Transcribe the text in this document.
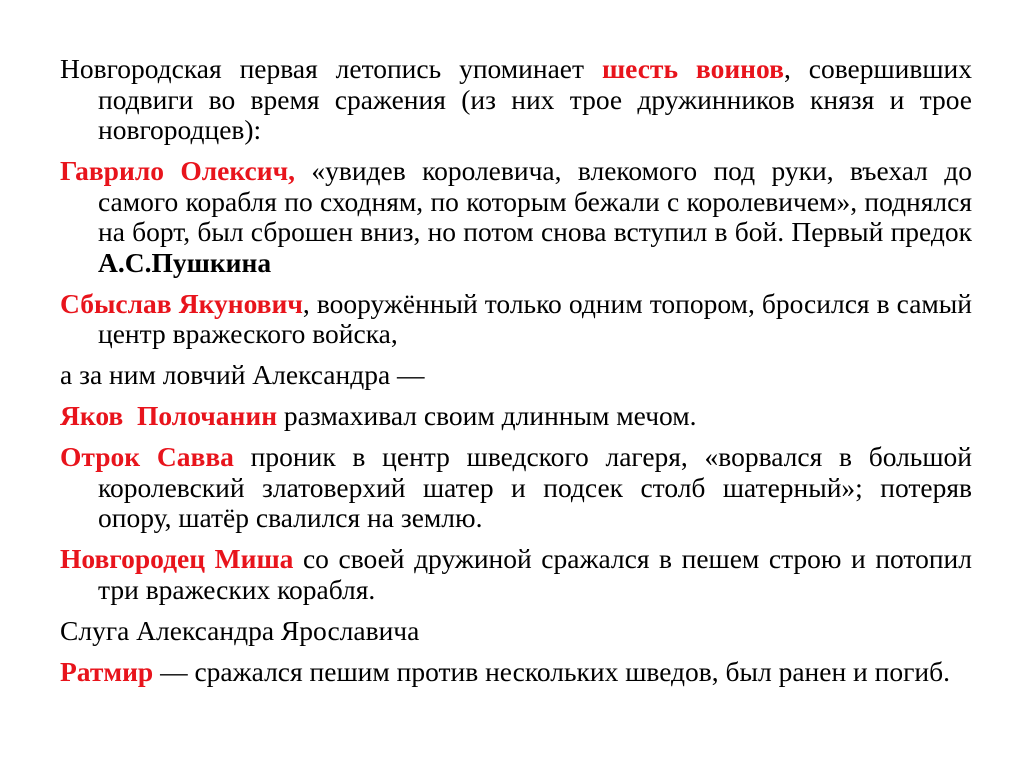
Новгородская первая летопись упоминает шесть воинов, совершивших подвиги во время сражения (из них трое дружинников князя и трое новгородцев):

Гаврило Олексич, «увидев королевича, влекомого под руки, въехал до самого корабля по сходням, по которым бежали с королевичем», поднялся на борт, был сброшен вниз, но потом снова вступил в бой. Первый предок А.С.Пушкина

Сбыслав Якунович, вооружённый только одним топором, бросился в самый центр вражеского войска,

а за ним ловчий Александра —

Яков  Полочанин размахивал своим длинным мечом.

Отрок Савва проник в центр шведского лагеря, «ворвался в большой королевский златоверхий шатер и подсек столб шатерный»; потеряв опору, шатёр свалился на землю.

Новгородец Миша со своей дружиной сражался в пешем строю и потопил три вражеских корабля.

Слуга Александра Ярославича

Ратмир — сражался пешим против нескольких шведов, был ранен и погиб.
